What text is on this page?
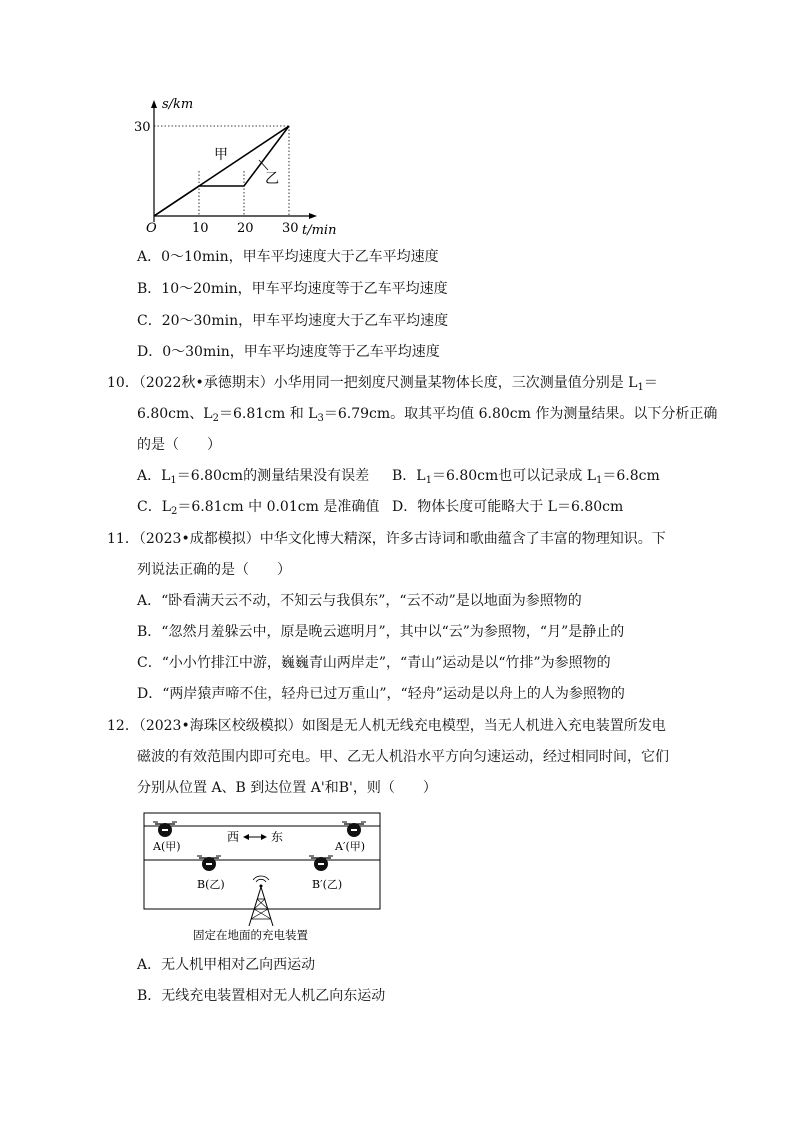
s/km
30
O	10 20 30 t/min
甲
乙
A．0～10min，甲车平均速度大于乙车平均速度
B．10～20min，甲车平均速度等于乙车平均速度
C．20～30min，甲车平均速度大于乙车平均速度
D．0～30min，甲车平均速度等于乙车平均速度
10．（2022秋•承德期末）小华用同一把刻度尺测量某物体长度，三次测量值分别是 $L_1=$
6.80cm、$L_2=6.81cm$ 和 $L_3=6.79cm$。取其平均值 6.80cm 作为测量结果。以下分析正确
的是（　　）
A．$L_1=6.80cm$的测量结果没有误差 B．$L_1=6.80cm$也可以记录成 $L_1=6.8cm$
C．$L_2=6.81cm$ 中 0.01cm 是准确值 D．物体长度可能略大于 L＝6.80cm
11．（2023•成都模拟）中华文化博大精深，许多古诗词和歌曲蕴含了丰富的物理知识。下
列说法正确的是（　　）
A．“卧看满天云不动，不知云与我俱东”，“云不动”是以地面为参照物的
B．“忽然月羞躲云中，原是晚云遮明月”，其中以“云”为参照物，“月”是静止的
C．“小小竹排江中游，巍巍青山两岸走”，“青山”运动是以“竹排”为参照物的
D．“两岸猿声啼不住，轻舟已过万重山”，“轻舟”运动是以舟上的人为参照物的
12．（2023•海珠区校级模拟）如图是无人机无线充电模型，当无人机进入充电装置所发电
磁波的有效范围内即可充电。甲、乙无人机沿水平方向匀速运动，经过相同时间，它们
分别从位置 A、B 到达位置 A'和B'，则（　　）
西	东
A(甲)	A′(甲)
B(乙)	B′(乙)
固定在地面的充电装置
A．无人机甲相对乙向西运动
B．无线充电装置相对无人机乙向东运动
